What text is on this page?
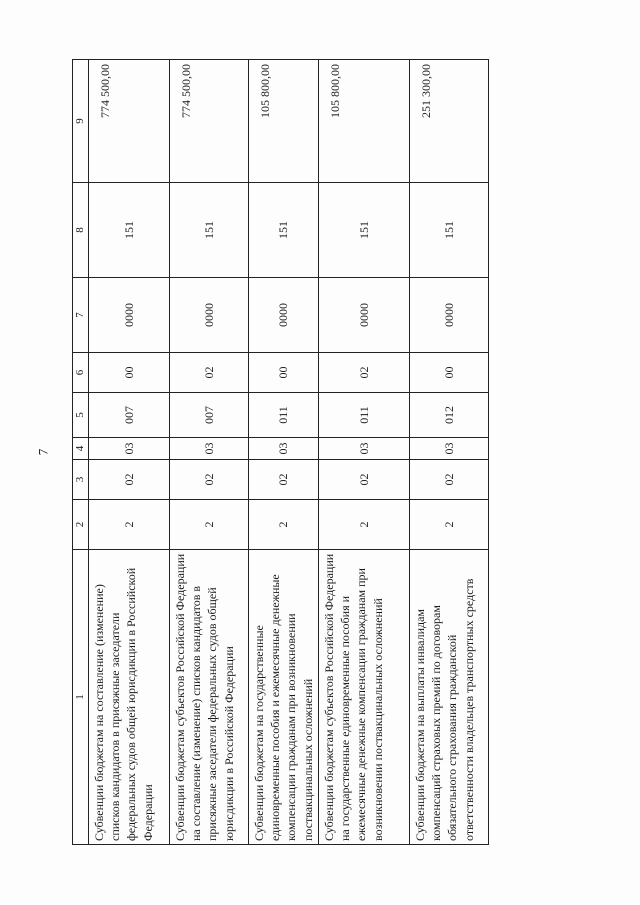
7
1	2	3	4	5	6	7	8	9
Субвенции бюджетам на составление (изменение) списков кандидатов в присяжные заседатели федеральных судов общей юрисдикции в Российской Федерации	2	02	03	007	00	0000	151	774 500,00
Субвенции бюджетам субъектов Российской Федерации на составление (изменение) списков кандидатов в присяжные заседатели федеральных судов общей юрисдикции в Российской Федерации	2	02	03	007	02	0000	151	774 500,00
Субвенции бюджетам на государственные единовременные пособия и ежемесячные денежные компенсации гражданам при возникновении поствакцинальных осложнений	2	02	03	011	00	0000	151	105 800,00
Субвенции бюджетам субъектов Российской Федерации на государственные единовременные пособия и ежемесячные денежные компенсации гражданам при возникновении поствакцинальных осложнений	2	02	03	011	02	0000	151	105 800,00
Субвенции бюджетам на выплаты инвалидам компенсаций страховых премий по договорам обязательного страхования гражданской ответственности владельцев транспортных средств	2	02	03	012	00	0000	151	251 300,00
